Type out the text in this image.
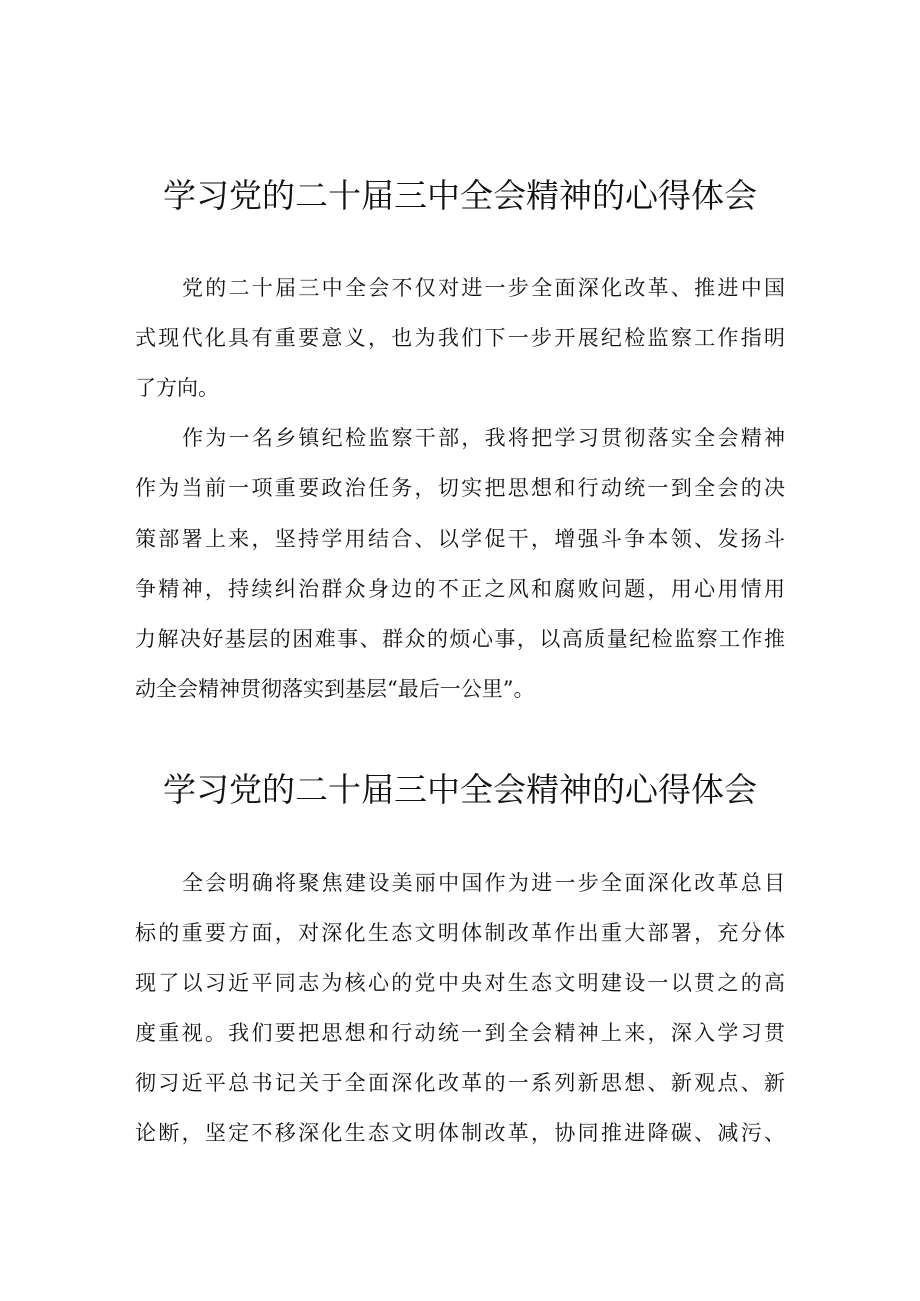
学习党的二十届三中全会精神的心得体会
党的二十届三中全会不仅对进一步全面深化改革、推进中国
式现代化具有重要意义，也为我们下一步开展纪检监察工作指明
了方向。
作为一名乡镇纪检监察干部，我将把学习贯彻落实全会精神
作为当前一项重要政治任务，切实把思想和行动统一到全会的决
策部署上来，坚持学用结合、以学促干，增强斗争本领、发扬斗
争精神，持续纠治群众身边的不正之风和腐败问题，用心用情用
力解决好基层的困难事、群众的烦心事，以高质量纪检监察工作推
动全会精神贯彻落实到基层“最后一公里”。
学习党的二十届三中全会精神的心得体会
全会明确将聚焦建设美丽中国作为进一步全面深化改革总目
标的重要方面，对深化生态文明体制改革作出重大部署，充分体
现了以习近平同志为核心的党中央对生态文明建设一以贯之的高
度重视。我们要把思想和行动统一到全会精神上来，深入学习贯
彻习近平总书记关于全面深化改革的一系列新思想、新观点、新
论断，坚定不移深化生态文明体制改革，协同推进降碳、减污、
